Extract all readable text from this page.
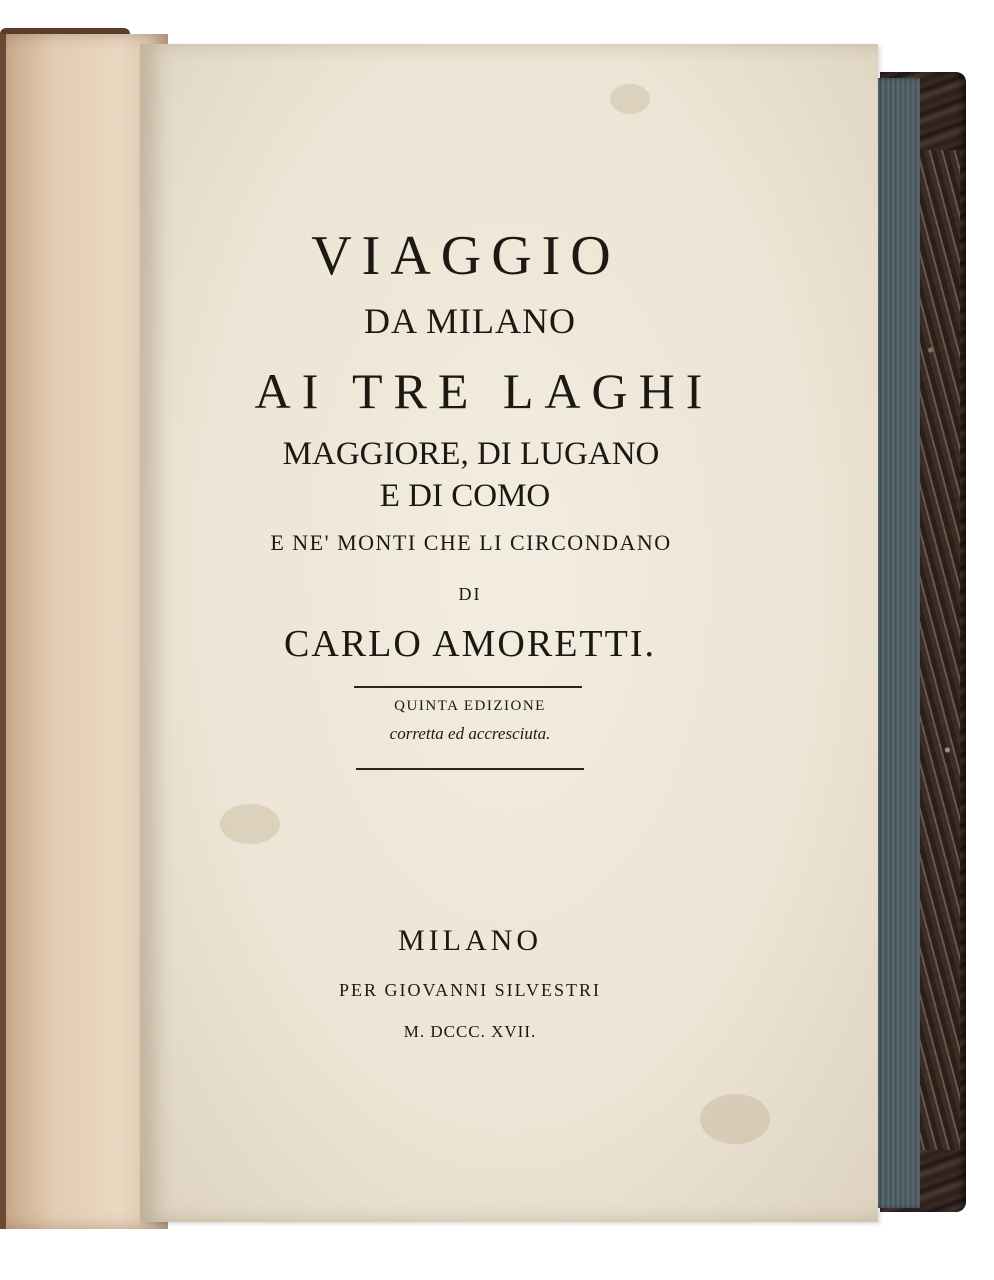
VIAGGIO
DA MILANO
AI TRE LAGHI
MAGGIORE, DI LUGANO
E DI COMO
E NE' MONTI CHE LI CIRCONDANO
DI
CARLO AMORETTI.
QUINTA EDIZIONE
corretta ed accresciuta.
MILANO
PER GIOVANNI SILVESTRI
M. DCCC. XVII.
